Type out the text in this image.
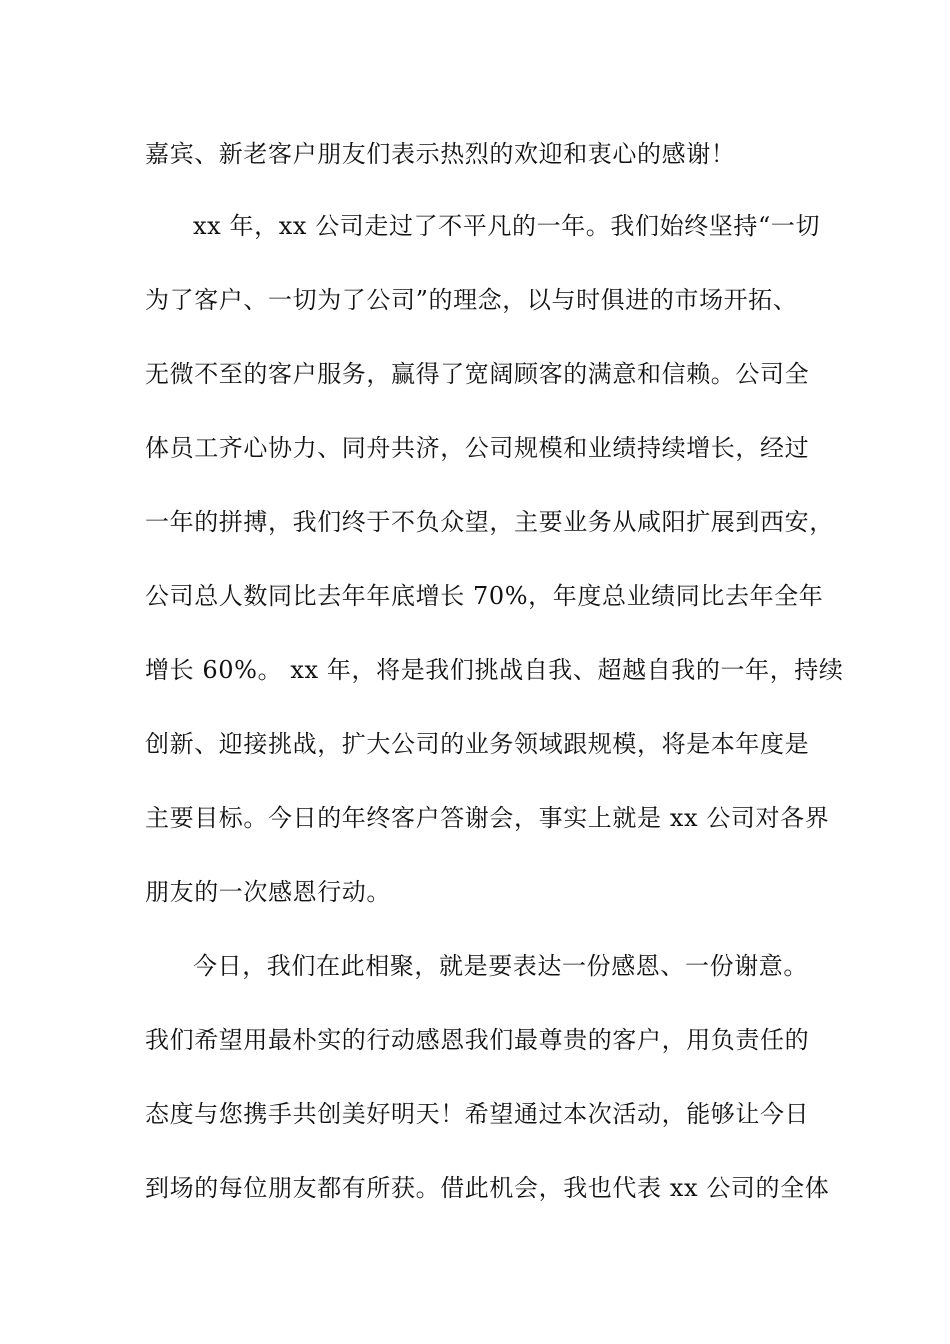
嘉宾、新老客户朋友们表示热烈的欢迎和衷心的感谢！
xx 年，xx 公司走过了不平凡的一年。我们始终坚持“一切
为了客户、一切为了公司”的理念，以与时俱进的市场开拓、
无微不至的客户服务，赢得了宽阔顾客的满意和信赖。公司全
体员工齐心协力、同舟共济，公司规模和业绩持续增长，经过
一年的拼搏，我们终于不负众望，主要业务从咸阳扩展到西安，
公司总人数同比去年年底增长 70%，年度总业绩同比去年全年
增长 60%。 xx 年，将是我们挑战自我、超越自我的一年，持续
创新、迎接挑战，扩大公司的业务领域跟规模，将是本年度是
主要目标。今日的年终客户答谢会，事实上就是 xx 公司对各界
朋友的一次感恩行动。
今日，我们在此相聚，就是要表达一份感恩、一份谢意。
我们希望用最朴实的行动感恩我们最尊贵的客户，用负责任的
态度与您携手共创美好明天！希望通过本次活动，能够让今日
到场的每位朋友都有所获。借此机会，我也代表 xx 公司的全体
